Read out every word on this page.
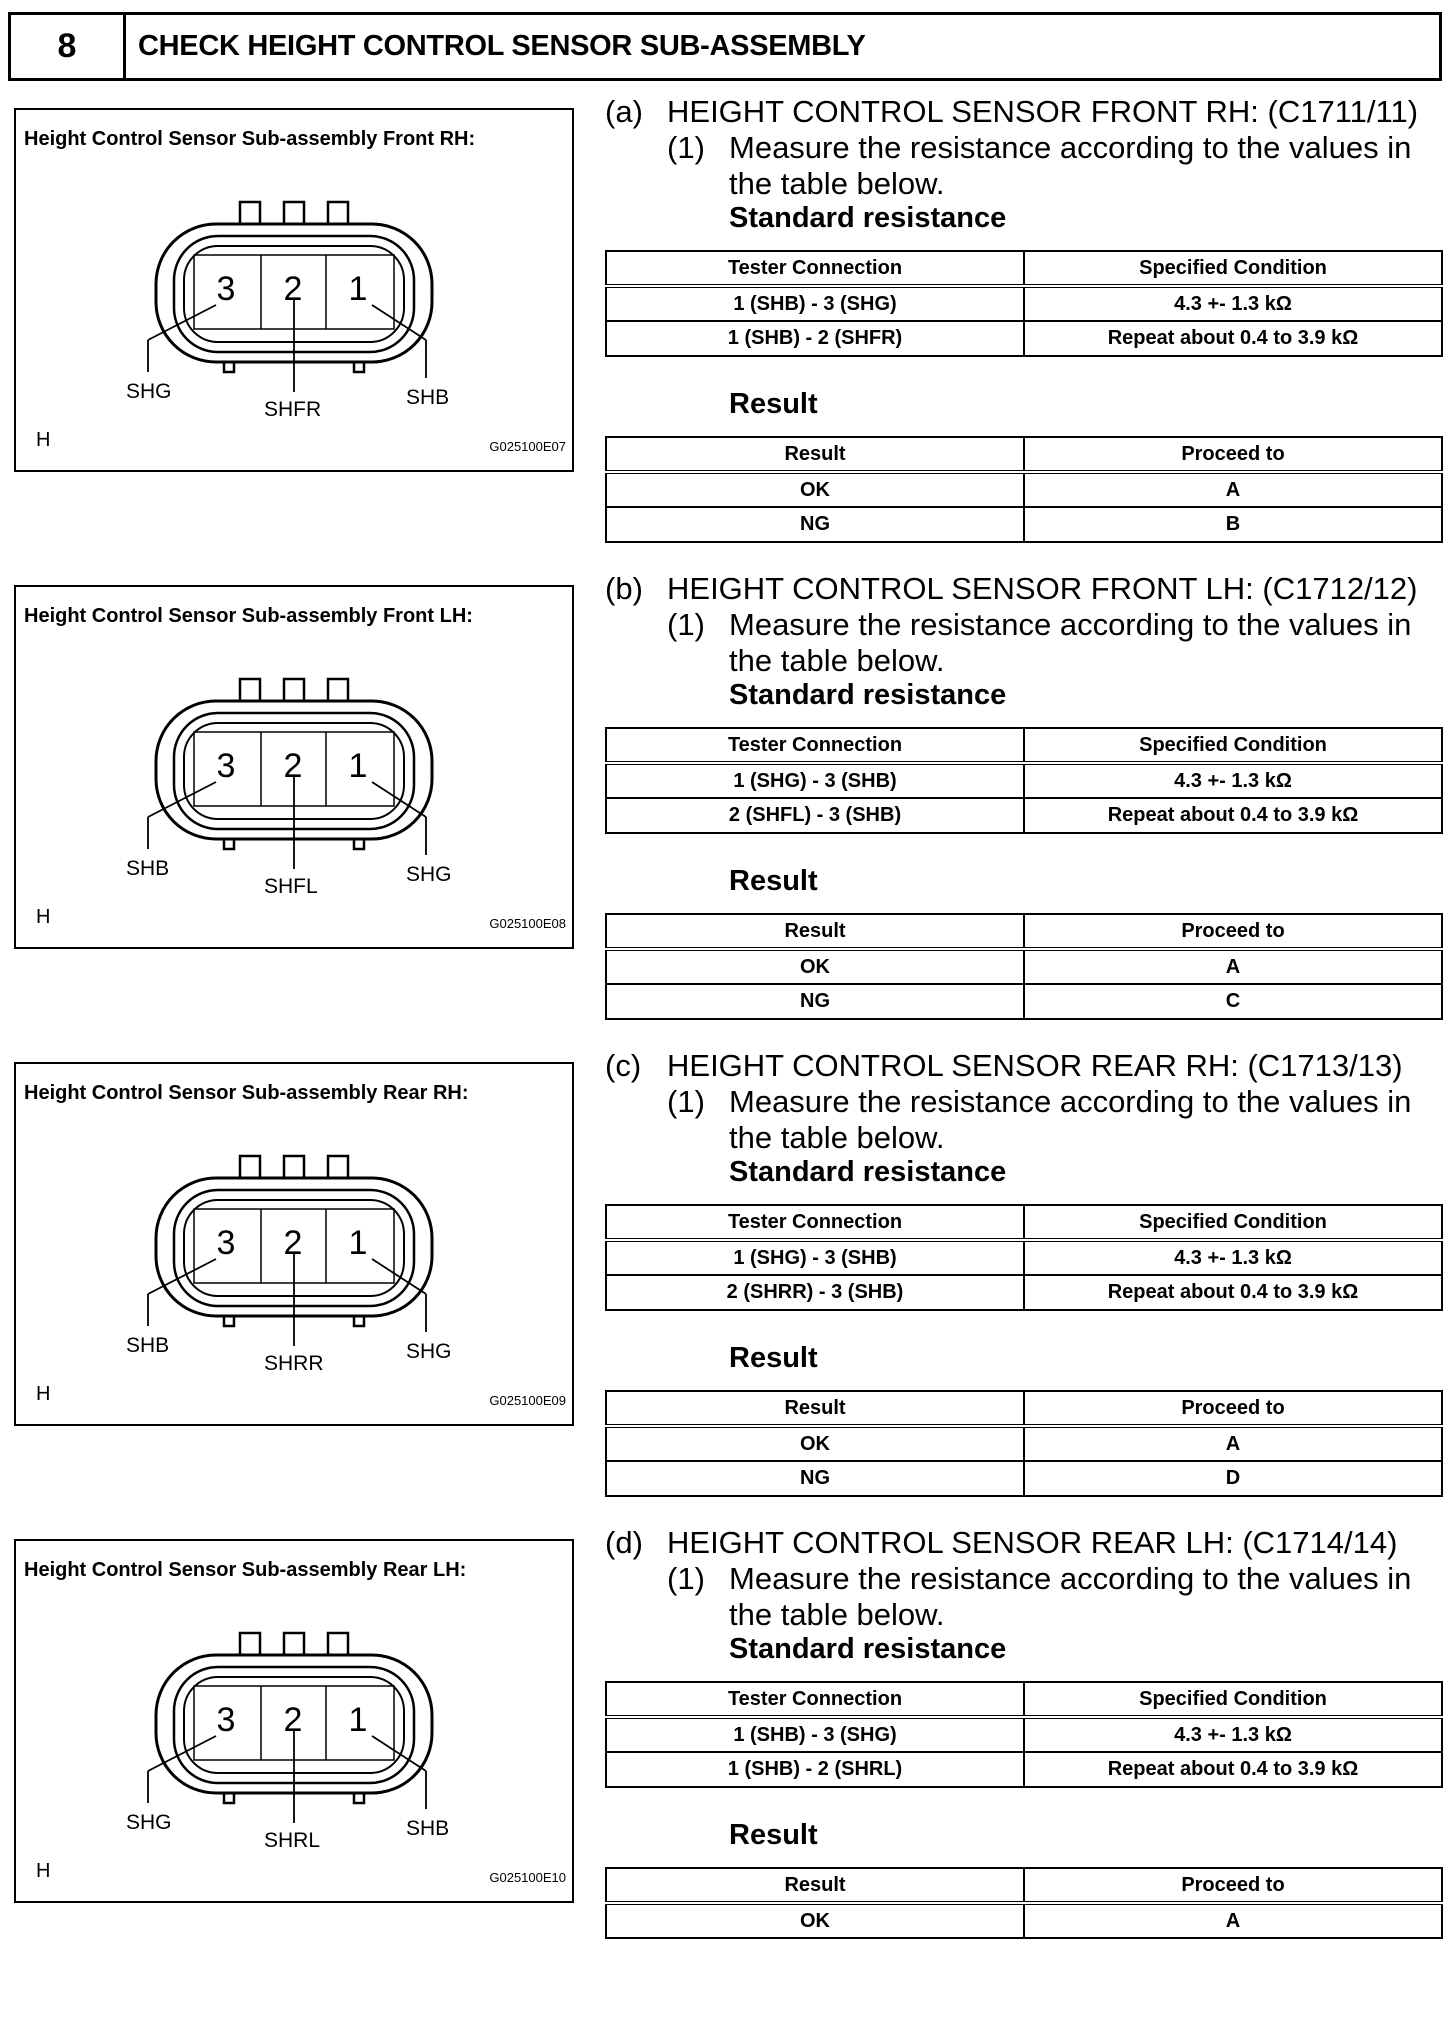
8	CHECK HEIGHT CONTROL SENSOR SUB-ASSEMBLY
Height Control Sensor Sub-assembly Front RH:
3	2	1
SHG
SHFR
SHB
H	G025100E07
(a) HEIGHT CONTROL SENSOR FRONT RH: (C1711/11)
(1) Measure the resistance according to the values in
the table below.
Standard resistance
Tester Connection	Specified Condition
1 (SHB) - 3 (SHG)	4.3 +- 1.3 kΩ
1 (SHB) - 2 (SHFR)	Repeat about 0.4 to 3.9 kΩ
Result
Result	Proceed to
OK	A
NG	B
Height Control Sensor Sub-assembly Front LH:
3	2	1
SHB
SHFL
SHG
H	G025100E08
(b) HEIGHT CONTROL SENSOR FRONT LH: (C1712/12)
(1) Measure the resistance according to the values in
the table below.
Standard resistance
Tester Connection	Specified Condition
1 (SHG) - 3 (SHB)	4.3 +- 1.3 kΩ
2 (SHFL) - 3 (SHB)	Repeat about 0.4 to 3.9 kΩ
Result
Result	Proceed to
OK	A
NG	C
Height Control Sensor Sub-assembly Rear RH:
3	2	1
SHB
SHRR
SHG
H	G025100E09
(c) HEIGHT CONTROL SENSOR REAR RH: (C1713/13)
(1) Measure the resistance according to the values in
the table below.
Standard resistance
Tester Connection	Specified Condition
1 (SHG) - 3 (SHB)	4.3 +- 1.3 kΩ
2 (SHRR) - 3 (SHB)	Repeat about 0.4 to 3.9 kΩ
Result
Result	Proceed to
OK	A
NG	D
Height Control Sensor Sub-assembly Rear LH:
3	2	1
SHG
SHRL
SHB
H	G025100E10
(d) HEIGHT CONTROL SENSOR REAR LH: (C1714/14)
(1) Measure the resistance according to the values in
the table below.
Standard resistance
Tester Connection	Specified Condition
1 (SHB) - 3 (SHG)	4.3 +- 1.3 kΩ
1 (SHB) - 2 (SHRL)	Repeat about 0.4 to 3.9 kΩ
Result
Result	Proceed to
OK	A
